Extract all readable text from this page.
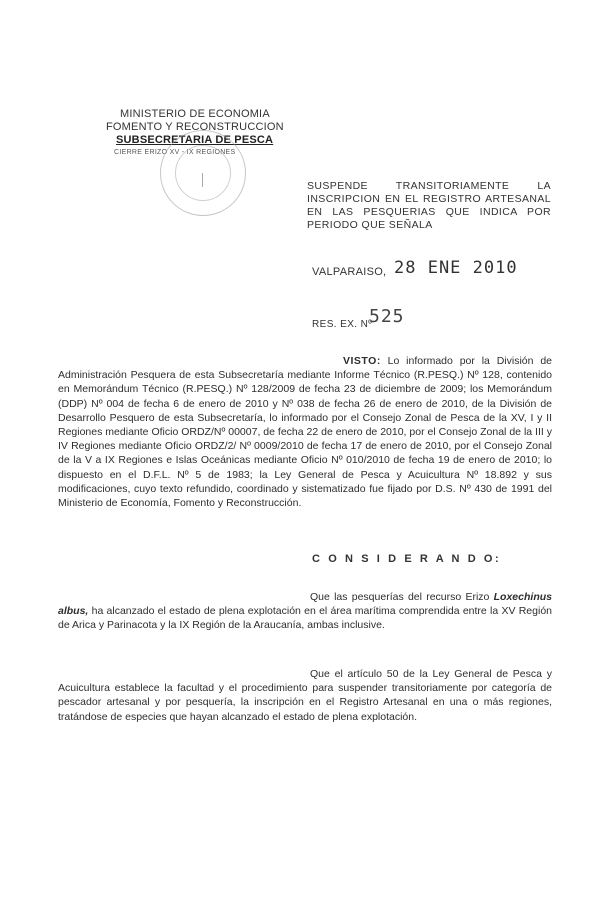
MINISTERIO DE ECONOMIA
FOMENTO Y RECONSTRUCCION
SUBSECRETARIA DE PESCA
CIERRE ERIZO XV - IX REGIONES
SUSPENDE TRANSITORIAMENTE LA INSCRIPCION EN EL REGISTRO ARTESANAL EN LAS PESQUERIAS QUE INDICA POR PERIODO QUE SEÑALA
VALPARAISO, 28 ENE 2010
RES. EX. Nº
525
VISTO: Lo informado por la División de Administración Pesquera de esta Subsecretaría mediante Informe Técnico (R.PESQ.) Nº 128, contenido en Memorándum Técnico (R.PESQ.) Nº 128/2009 de fecha 23 de diciembre de 2009; los Memorándum (DDP) Nº 004 de fecha 6 de enero de 2010 y Nº 038 de fecha 26 de enero de 2010, de la División de Desarrollo Pesquero de esta Subsecretaría, lo informado por el Consejo Zonal de Pesca de la XV, I y II Regiones mediante Oficio ORDZ/Nº 00007, de fecha 22 de enero de 2010, por el Consejo Zonal de la III y IV Regiones mediante Oficio ORDZ/2/ Nº 0009/2010 de fecha 17 de enero de 2010, por el Consejo Zonal de la V a IX Regiones e Islas Oceánicas mediante Oficio Nº 010/2010 de fecha 19 de enero de 2010; lo dispuesto en el D.F.L. Nº 5 de 1983; la Ley General de Pesca y Acuicultura Nº 18.892 y sus modificaciones, cuyo texto refundido, coordinado y sistematizado fue fijado por D.S. Nº 430 de 1991 del Ministerio de Economía, Fomento y Reconstrucción.
C O N S I D E R A N D O:
Que las pesquerías del recurso Erizo Loxechinus albus, ha alcanzado el estado de plena explotación en el área marítima comprendida entre la XV Región de Arica y Parinacota y la IX Región de la Araucanía, ambas inclusive.
Que el artículo 50 de la Ley General de Pesca y Acuicultura establece la facultad y el procedimiento para suspender transitoriamente por categoría de pescador artesanal y por pesquería, la inscripción en el Registro Artesanal en una o más regiones, tratándose de especies que hayan alcanzado el estado de plena explotación.
